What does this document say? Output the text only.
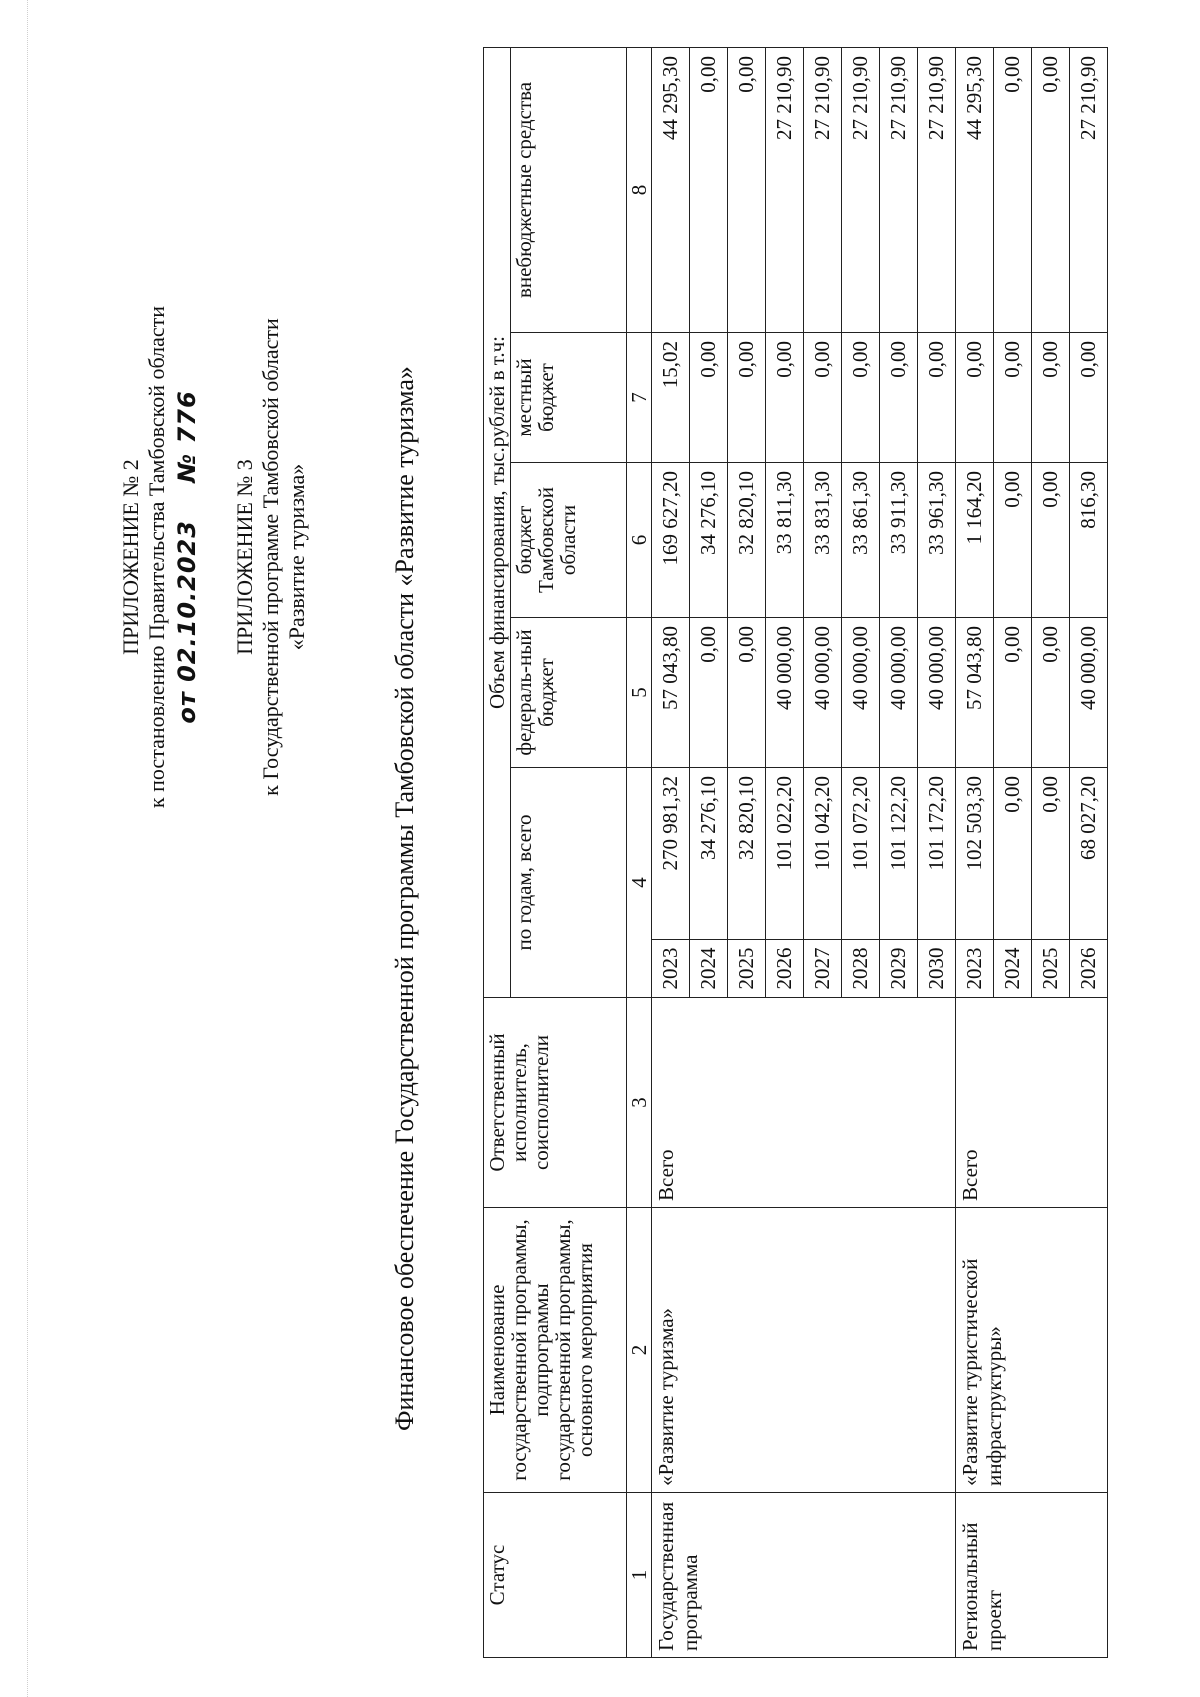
ПРИЛОЖЕНИЕ № 2 к постановлению Правительства Тамбовской области от 02.10.2023 № 776
ПРИЛОЖЕНИЕ № 3 к Государственной программе Тамбовской области «Развитие туризма»	Финансовое обеспечение Государственной программы Тамбовской области «Развитие туризма»
Статус	Наименование государственной программы, подпрограммы государственной программы, основного мероприятия	Ответственный исполнитель, соисполнители	Объем финансирования, тыс.рублей в т.ч:					
			по годам, всего		федераль-ный бюджет	бюджет Тамбовской области	местный бюджет	внебюджетные средства
1	2	3	4		5	6	7	8
Государственная программа	«Развитие туризма»	Всего	2023	270 981,32	57 043,80	169 627,20	15,02	44 295,30
			2024	34 276,10	0,00	34 276,10	0,00	0,00
			2025	32 820,10	0,00	32 820,10	0,00	0,00
			2026	101 022,20	40 000,00	33 811,30	0,00	27 210,90
			2027	101 042,20	40 000,00	33 831,30	0,00	27 210,90
			2028	101 072,20	40 000,00	33 861,30	0,00	27 210,90
			2029	101 122,20	40 000,00	33 911,30	0,00	27 210,90
			2030	101 172,20	40 000,00	33 961,30	0,00	27 210,90
Региональный проект	«Развитие туристической инфраструктуры»	Всего	2023	102 503,30	57 043,80	1 164,20	0,00	44 295,30
			2024	0,00	0,00	0,00	0,00	0,00
			2025	0,00	0,00	0,00	0,00	0,00
			2026	68 027,20	40 000,00	816,30	0,00	27 210,90
